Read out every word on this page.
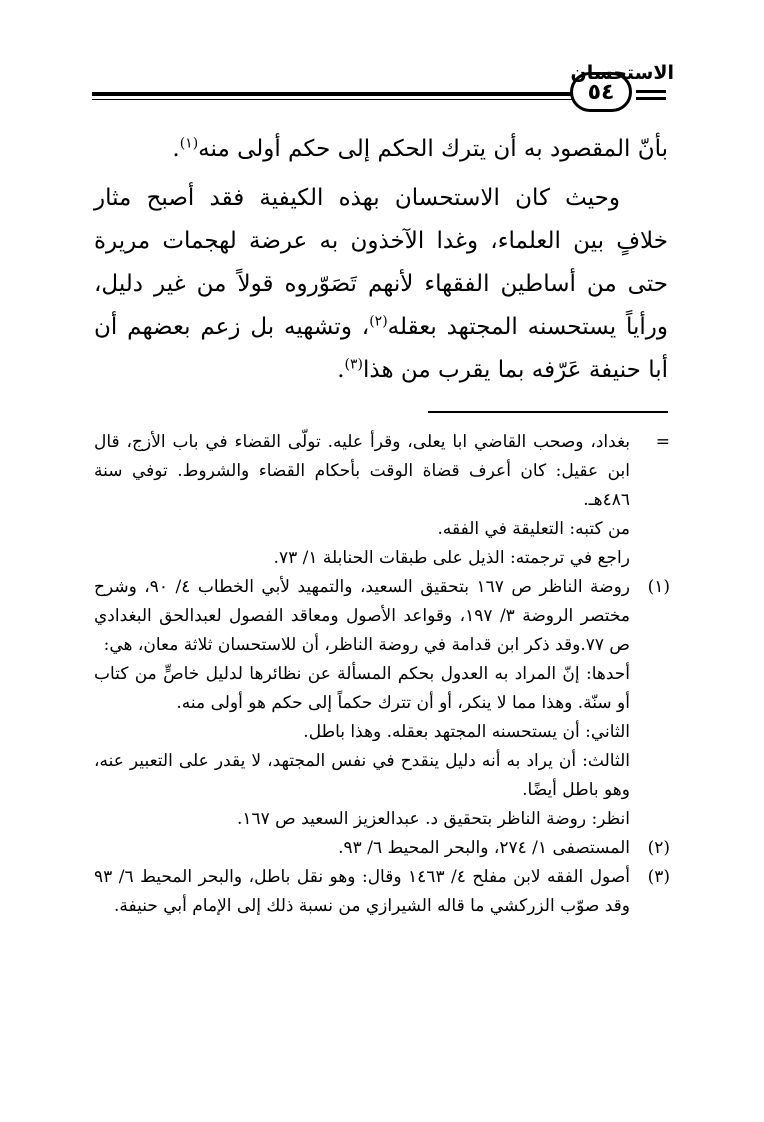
الاستحسان
٥٤

بأنّ المقصود به أن يترك الحكم إلى حكم أولى منه$^{(١)}$.

وحيث كان الاستحسان بهذه الكيفية فقد أصبح مثار خلافٍ بين العلماء، وغدا الآخذون به عرضة لهجمات مريرة حتى من أساطين الفقهاء لأنهم تَصَوّروه قولاً من غير دليل، ورأياً يستحسنه المجتهد بعقله$^{(٢)}$، وتشهيه بل زعم بعضهم أن أبا حنيفة عَرّفه بما يقرب من هذا$^{(٣)}$.

=

بغداد، وصحب القاضي ابا يعلى، وقرأ عليه. تولّى القضاء في باب الأزج، قال ابن عقيل: كان أعرف قضاة الوقت بأحكام القضاء والشروط. توفي سنة ٤٨٦هـ.

من كتبه: التعليقة في الفقه.

راجع في ترجمته: الذيل على طبقات الحنابلة ١/ ٧٣.

(١)

روضة الناظر ص ١٦٧ بتحقيق السعيد، والتمهيد لأبي الخطاب ٤/ ٩٠، وشرح مختصر الروضة ٣/ ١٩٧، وقواعد الأصول ومعاقد الفصول لعبدالحق البغدادي ص ٧٧.وقد ذكر ابن قدامة في روضة الناظر، أن للاستحسان ثلاثة معان، هي:

أحدها: إنّ المراد به العدول بحكم المسألة عن نظائرها لدليل خاصٍّ من كتاب أو سنّة. وهذا مما لا ينكر، أو أن تترك حكماً إلى حكم هو أولى منه.

الثاني: أن يستحسنه المجتهد بعقله. وهذا باطل.

الثالث: أن يراد به أنه دليل ينقدح في نفس المجتهد، لا يقدر على التعبير عنه، وهو باطل أيضًا.

انظر: روضة الناظر بتحقيق د. عبدالعزيز السعيد ص ١٦٧.

(٢)

المستصفى ١/ ٢٧٤، والبحر المحيط ٦/ ٩٣.

(٣)

أصول الفقه لابن مفلح ٤/ ١٤٦٣ وقال: وهو نقل باطل، والبحر المحيط ٦/ ٩٣ وقد صوّب الزركشي ما قاله الشيرازي من نسبة ذلك إلى الإمام أبي حنيفة.
